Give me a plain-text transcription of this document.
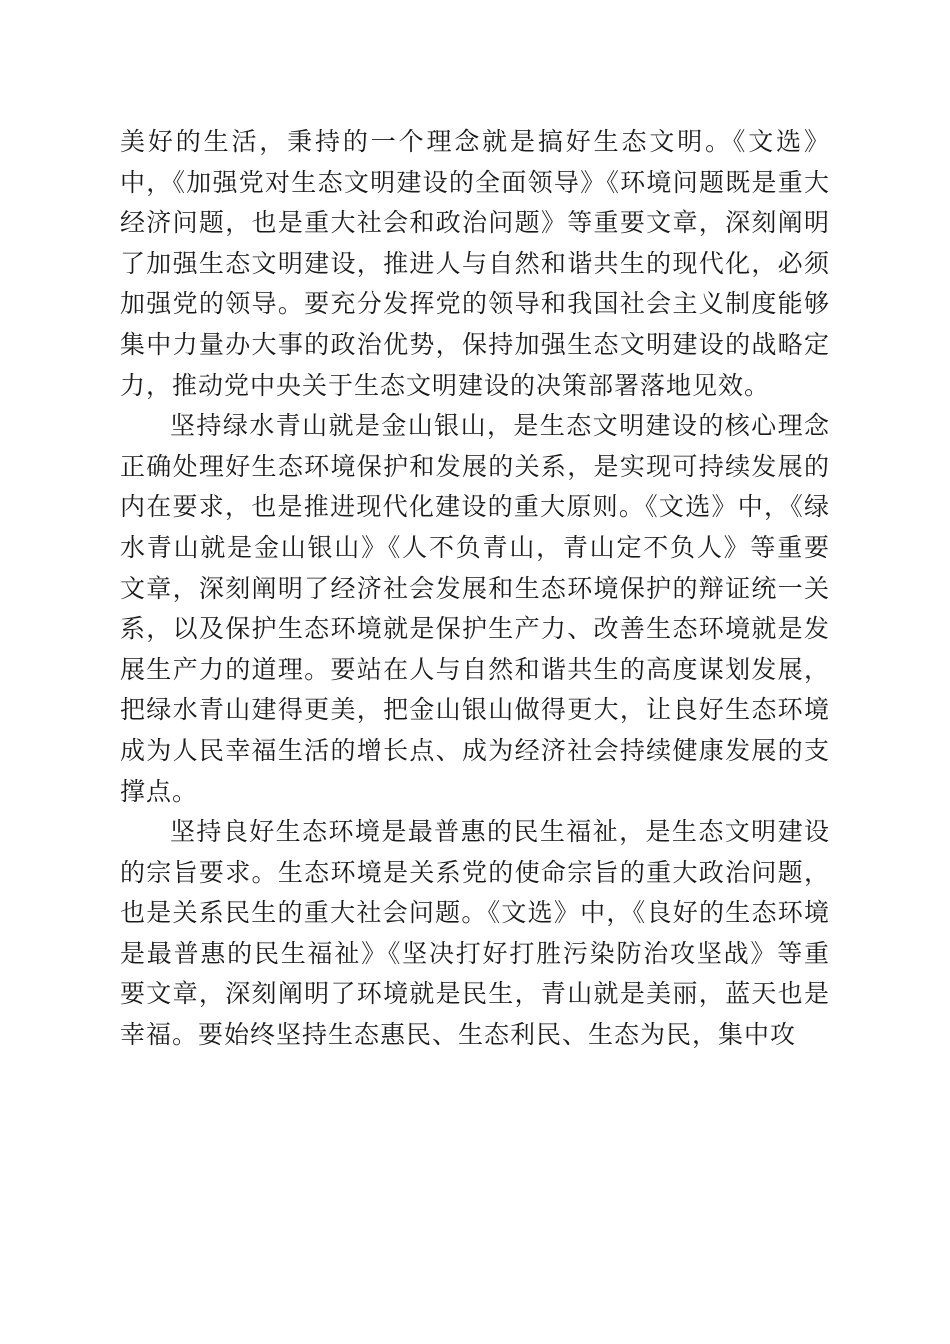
美好的生活，秉持的一个理念就是搞好生态文明。《文选》中，《加强党对生态文明建设的全面领导》《环境问题既是重大经济问题，也是重大社会和政治问题》等重要文章，深刻阐明了加强生态文明建设，推进人与自然和谐共生的现代化，必须加强党的领导。要充分发挥党的领导和我国社会主义制度能够集中力量办大事的政治优势，保持加强生态文明建设的战略定力，推动党中央关于生态文明建设的决策部署落地见效。

坚持绿水青山就是金山银山，是生态文明建设的核心理念正确处理好生态环境保护和发展的关系，是实现可持续发展的内在要求，也是推进现代化建设的重大原则。《文选》中，《绿水青山就是金山银山》《人不负青山，青山定不负人》等重要文章，深刻阐明了经济社会发展和生态环境保护的辩证统一关系，以及保护生态环境就是保护生产力、改善生态环境就是发展生产力的道理。要站在人与自然和谐共生的高度谋划发展，把绿水青山建得更美，把金山银山做得更大，让良好生态环境成为人民幸福生活的增长点、成为经济社会持续健康发展的支撑点。

坚持良好生态环境是最普惠的民生福祉，是生态文明建设的宗旨要求。生态环境是关系党的使命宗旨的重大政治问题，也是关系民生的重大社会问题。《文选》中，《良好的生态环境是最普惠的民生福祉》《坚决打好打胜污染防治攻坚战》等重要文章，深刻阐明了环境就是民生，青山就是美丽，蓝天也是幸福。要始终坚持生态惠民、生态利民、生态为民，集中攻
